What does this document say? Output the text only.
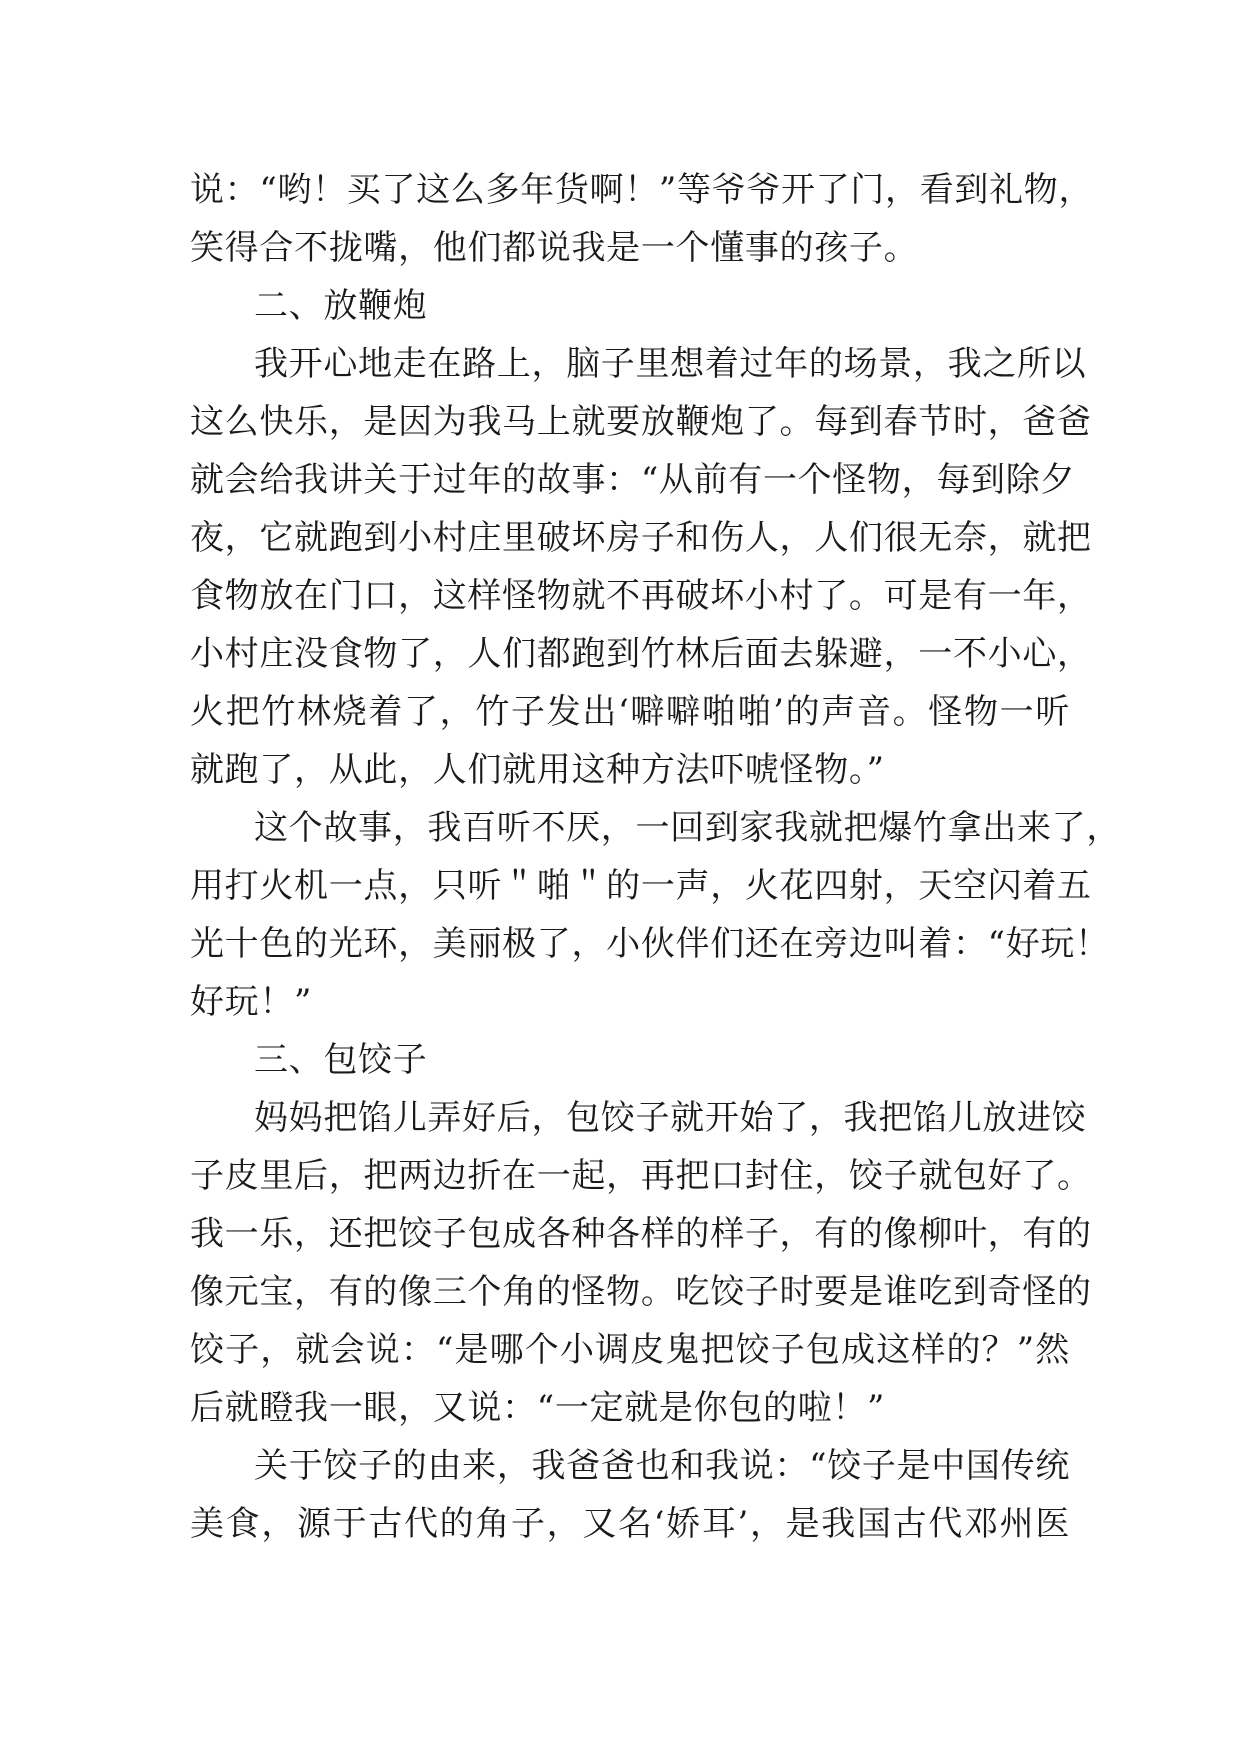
说：“哟！买了这么多年货啊！”等爷爷开了门，看到礼物，

笑得合不拢嘴，他们都说我是一个懂事的孩子。

二、放鞭炮

我开心地走在路上，脑子里想着过年的场景，我之所以

这么快乐，是因为我马上就要放鞭炮了。每到春节时，爸爸

就会给我讲关于过年的故事：“从前有一个怪物，每到除夕

夜，它就跑到小村庄里破坏房子和伤人，人们很无奈，就把

食物放在门口，这样怪物就不再破坏小村了。可是有一年，

小村庄没食物了，人们都跑到竹林后面去躲避，一不小心，

火把竹林烧着了，竹子发出‘噼噼啪啪’的声音。怪物一听

就跑了，从此，人们就用这种方法吓唬怪物。”

这个故事，我百听不厌，一回到家我就把爆竹拿出来了，

用打火机一点，只听＂啪＂的一声，火花四射，天空闪着五

光十色的光环，美丽极了，小伙伴们还在旁边叫着：“好玩！

好玩！”

三、包饺子

妈妈把馅儿弄好后，包饺子就开始了，我把馅儿放进饺

子皮里后，把两边折在一起，再把口封住，饺子就包好了。

我一乐，还把饺子包成各种各样的样子，有的像柳叶，有的

像元宝，有的像三个角的怪物。吃饺子时要是谁吃到奇怪的

饺子，就会说：“是哪个小调皮鬼把饺子包成这样的？”然

后就瞪我一眼，又说：“一定就是你包的啦！”

关于饺子的由来，我爸爸也和我说：“饺子是中国传统

美食，源于古代的角子，又名‘娇耳’，是我国古代邓州医
